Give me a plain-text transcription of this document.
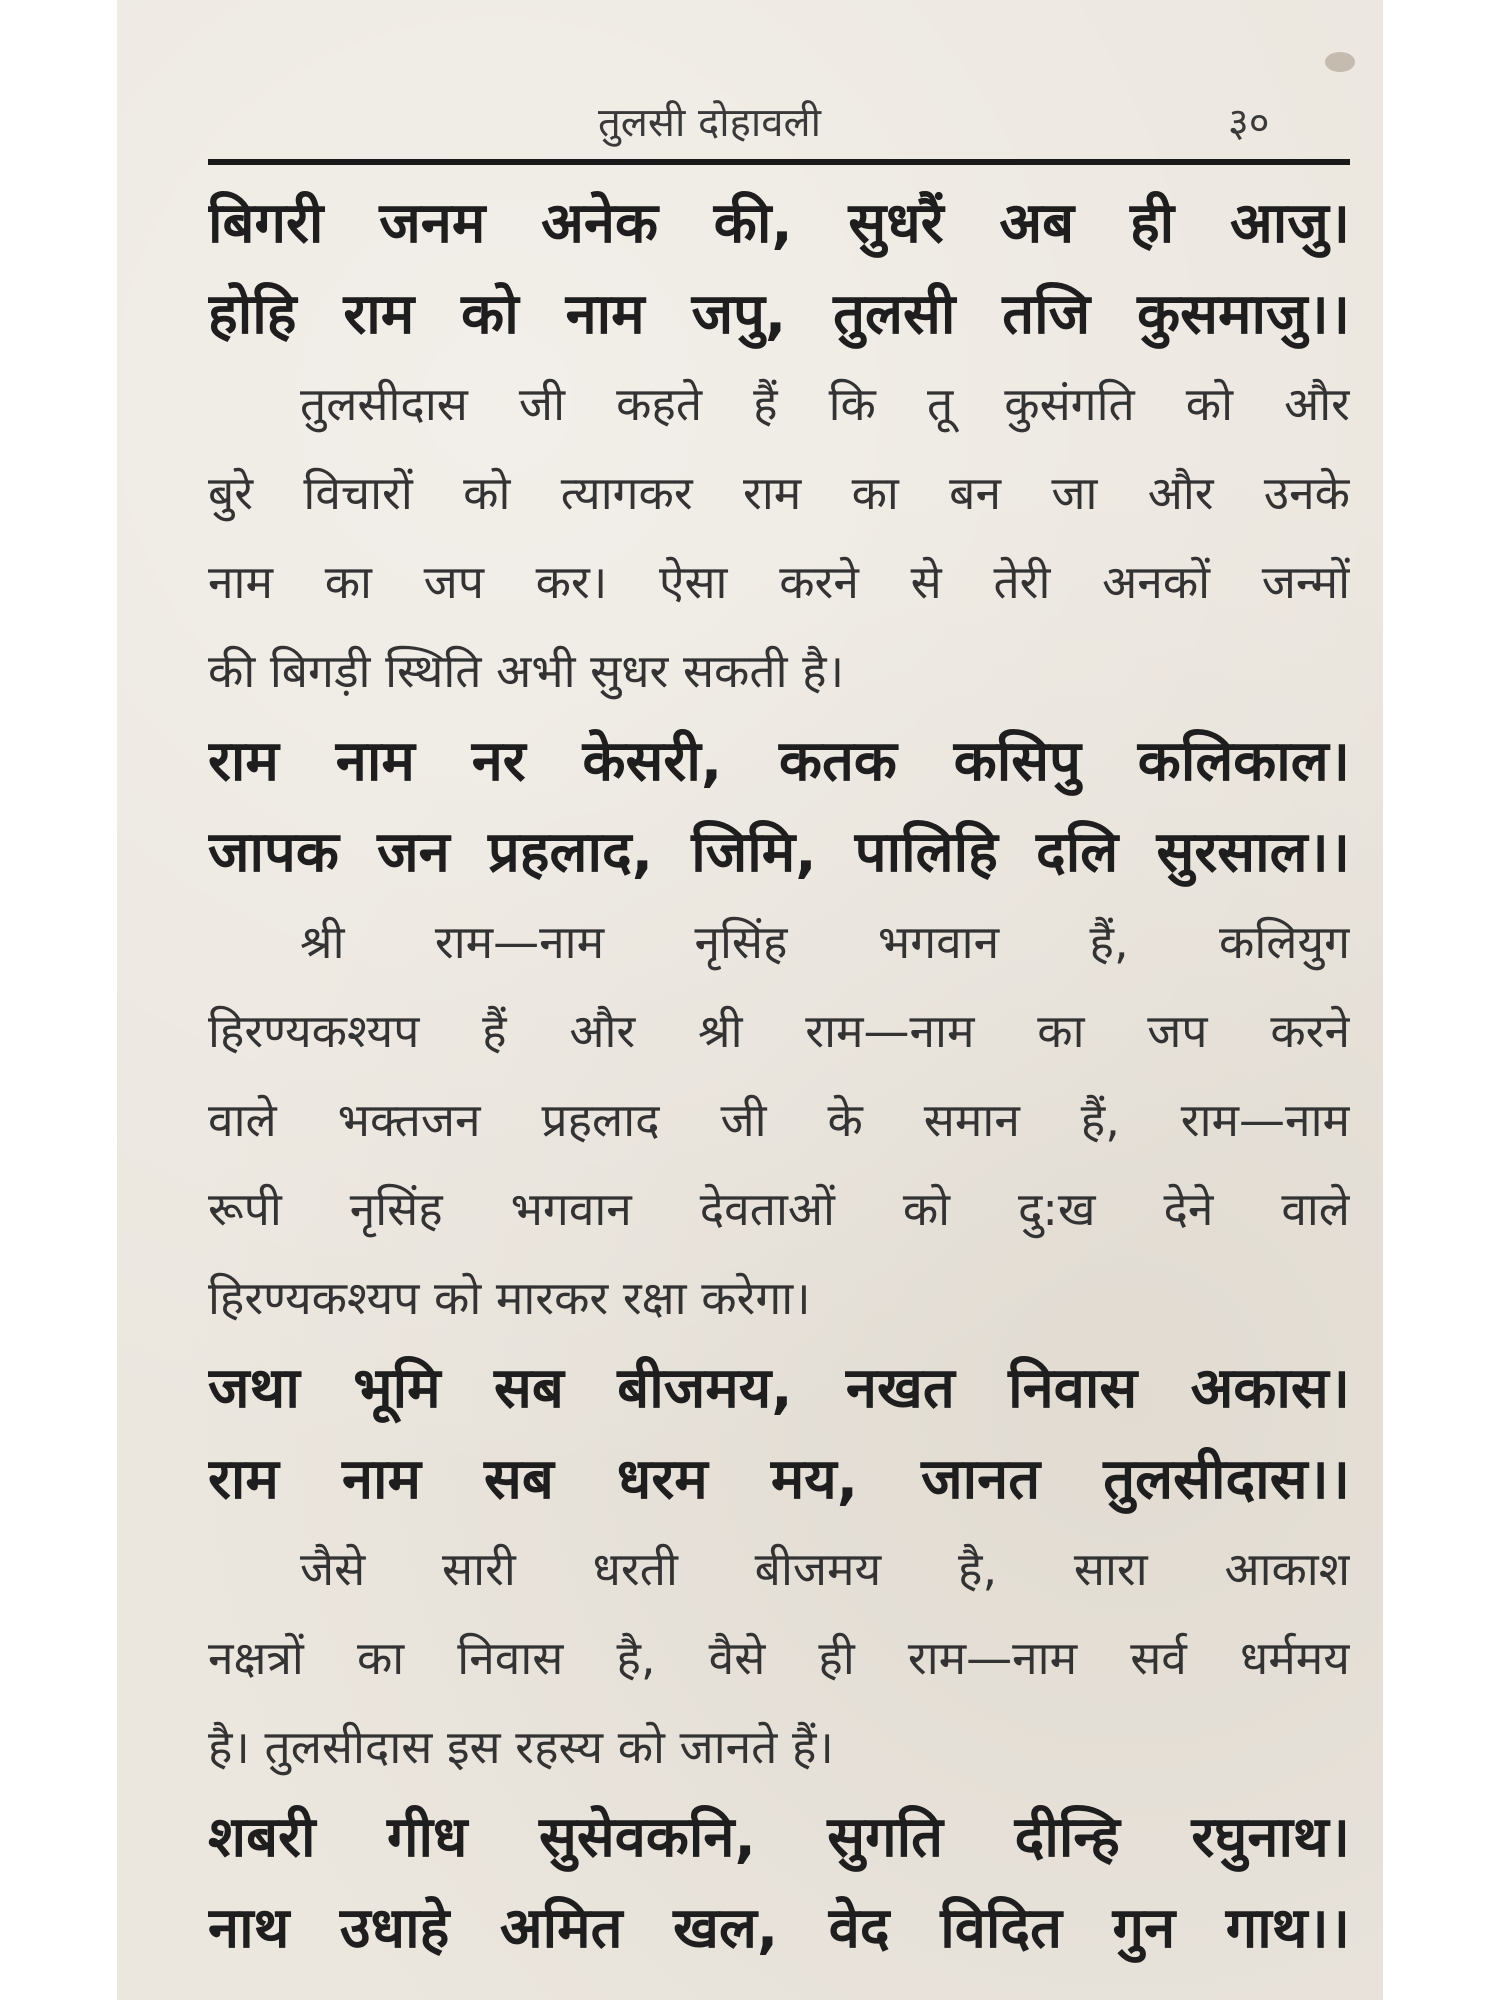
तुलसी दोहावली	३०
बिगरी जनम अनेक की, सुधरैं अब ही आजु।
होहि राम को नाम जपु, तुलसी तजि कुसमाजु।।
तुलसीदास जी कहते हैं कि तू कुसंगति को और
बुरे विचारों को त्यागकर राम का बन जा और उनके
नाम का जप कर। ऐसा करने से तेरी अनकों जन्मों
की बिगड़ी स्थिति अभी सुधर सकती है।
राम नाम नर केसरी, कतक कसिपु कलिकाल।
जापक जन प्रहलाद, जिमि, पालिहि दलि सुरसाल।।
श्री राम—नाम नृसिंह भगवान हैं, कलियुग
हिरण्यकश्यप हैं और श्री राम—नाम का जप करने
वाले भक्तजन प्रहलाद जी के समान हैं, राम—नाम
रूपी नृसिंह भगवान देवताओं को दु:ख देने वाले
हिरण्यकश्यप को मारकर रक्षा करेगा।
जथा भूमि सब बीजमय, नखत निवास अकास।
राम नाम सब धरम मय, जानत तुलसीदास।।
जैसे सारी धरती बीजमय है, सारा आकाश
नक्षत्रों का निवास है, वैसे ही राम—नाम सर्व धर्ममय
है। तुलसीदास इस रहस्य को जानते हैं।
शबरी गीध सुसेवकनि, सुगति दीन्हि रघुनाथ।
नाथ उधाहे अमित खल, वेद विदित गुन गाथ।।
